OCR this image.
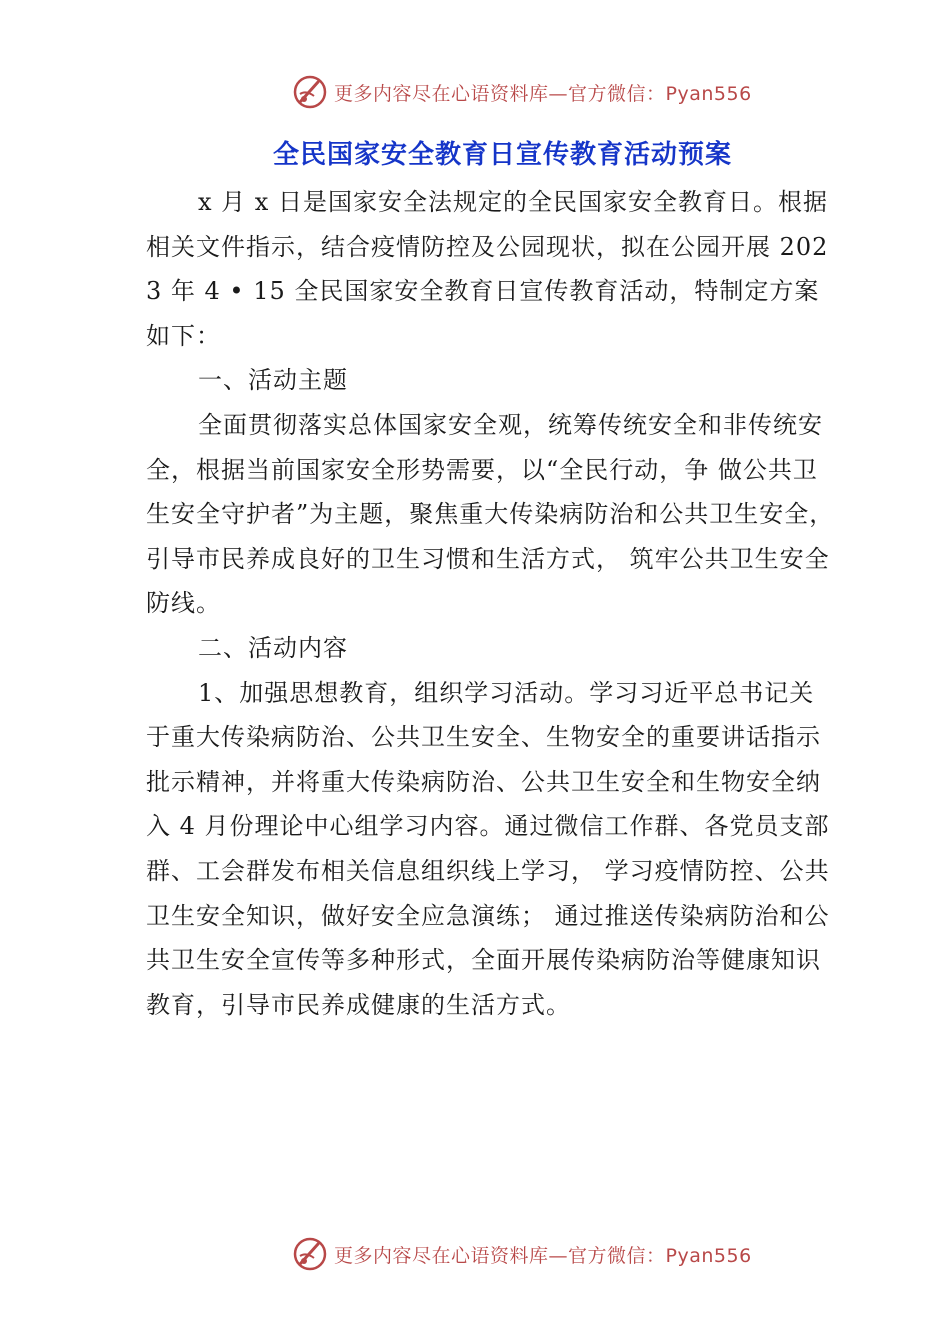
更多内容尽在心语资料库—官方微信：Pyan556
全民国家安全教育日宣传教育活动预案

x 月 x 日是国家安全法规定的全民国家安全教育日。根据相关文件指示，结合疫情防控及公园现状，拟在公园开展 2023 年 4 • 15 全民国家安全教育日宣传教育活动，特制定方案如下：

一、活动主题

全面贯彻落实总体国家安全观，统筹传统安全和非传统安全，根据当前国家安全形势需要，以“全民行动，争 做公共卫生安全守护者”为主题，聚焦重大传染病防治和公共卫生安全，引导市民养成良好的卫生习惯和生活方式， 筑牢公共卫生安全防线。

二、活动内容

1、加强思想教育，组织学习活动。学习习近平总书记关于重大传染病防治、公共卫生安全、生物安全的重要讲话指示批示精神，并将重大传染病防治、公共卫生安全和生物安全纳入 4 月份理论中心组学习内容。通过微信工作群、各党员支部群、工会群发布相关信息组织线上学习， 学习疫情防控、公共卫生安全知识，做好安全应急演练； 通过推送传染病防治和公共卫生安全宣传等多种形式，全面开展传染病防治等健康知识教育，引导市民养成健康的生活方式。

更多内容尽在心语资料库—官方微信：Pyan556
